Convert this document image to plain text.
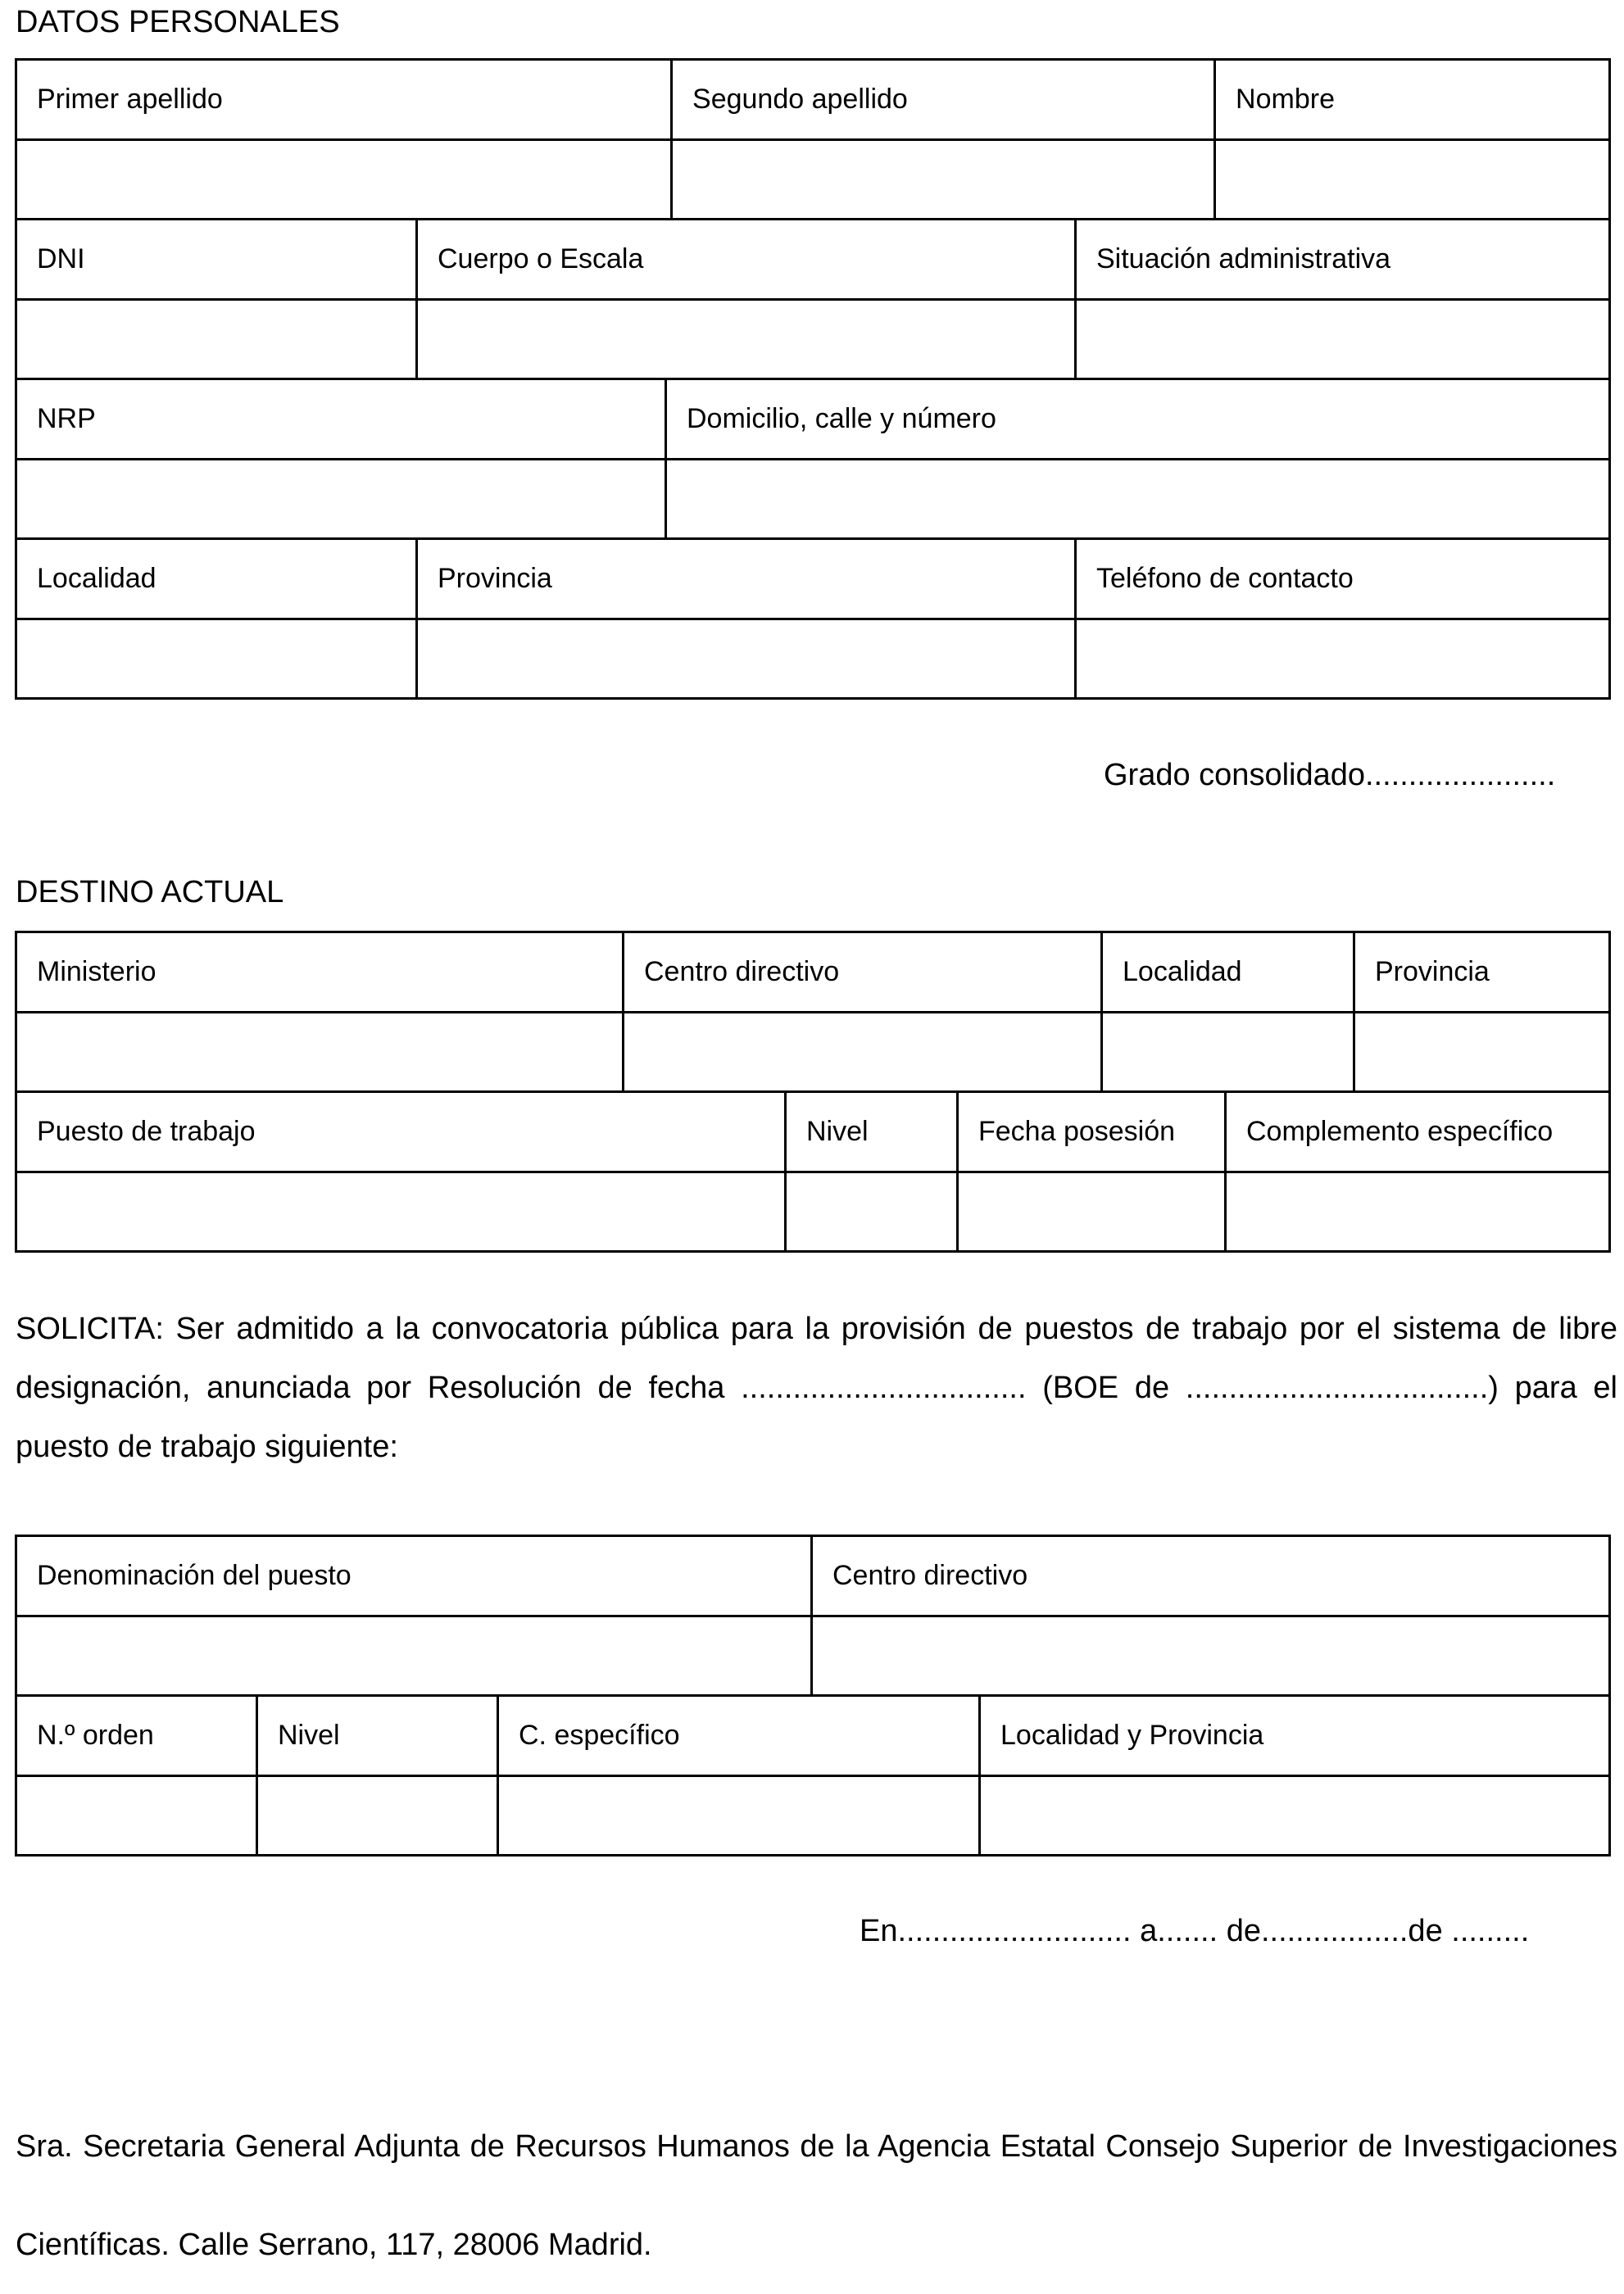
DATOS PERSONALES
Primer apellido	Segundo apellido	Nombre

DNI	Cuerpo o Escala	Situación administrativa

NRP	Domicilio, calle y número

Localidad	Provincia	Teléfono de contacto

Grado consolidado......................
DESTINO ACTUAL
Ministerio	Centro directivo	Localidad	Provincia

Puesto de trabajo	Nivel	Fecha posesión	Complemento específico

SOLICITA: Ser admitido a la convocatoria pública para la provisión de puestos de trabajo por el sistema de libre designación, anunciada por Resolución de fecha ................................. (BOE de ...................................) para el puesto de trabajo siguiente:

Denominación del puesto	Centro directivo

N.º orden	Nivel	C. específico	Localidad y Provincia

En........................... a....... de.................de .........

Sra. Secretaria General Adjunta de Recursos Humanos de la Agencia Estatal Consejo Superior de Investigaciones Científicas. Calle Serrano, 117, 28006 Madrid.
